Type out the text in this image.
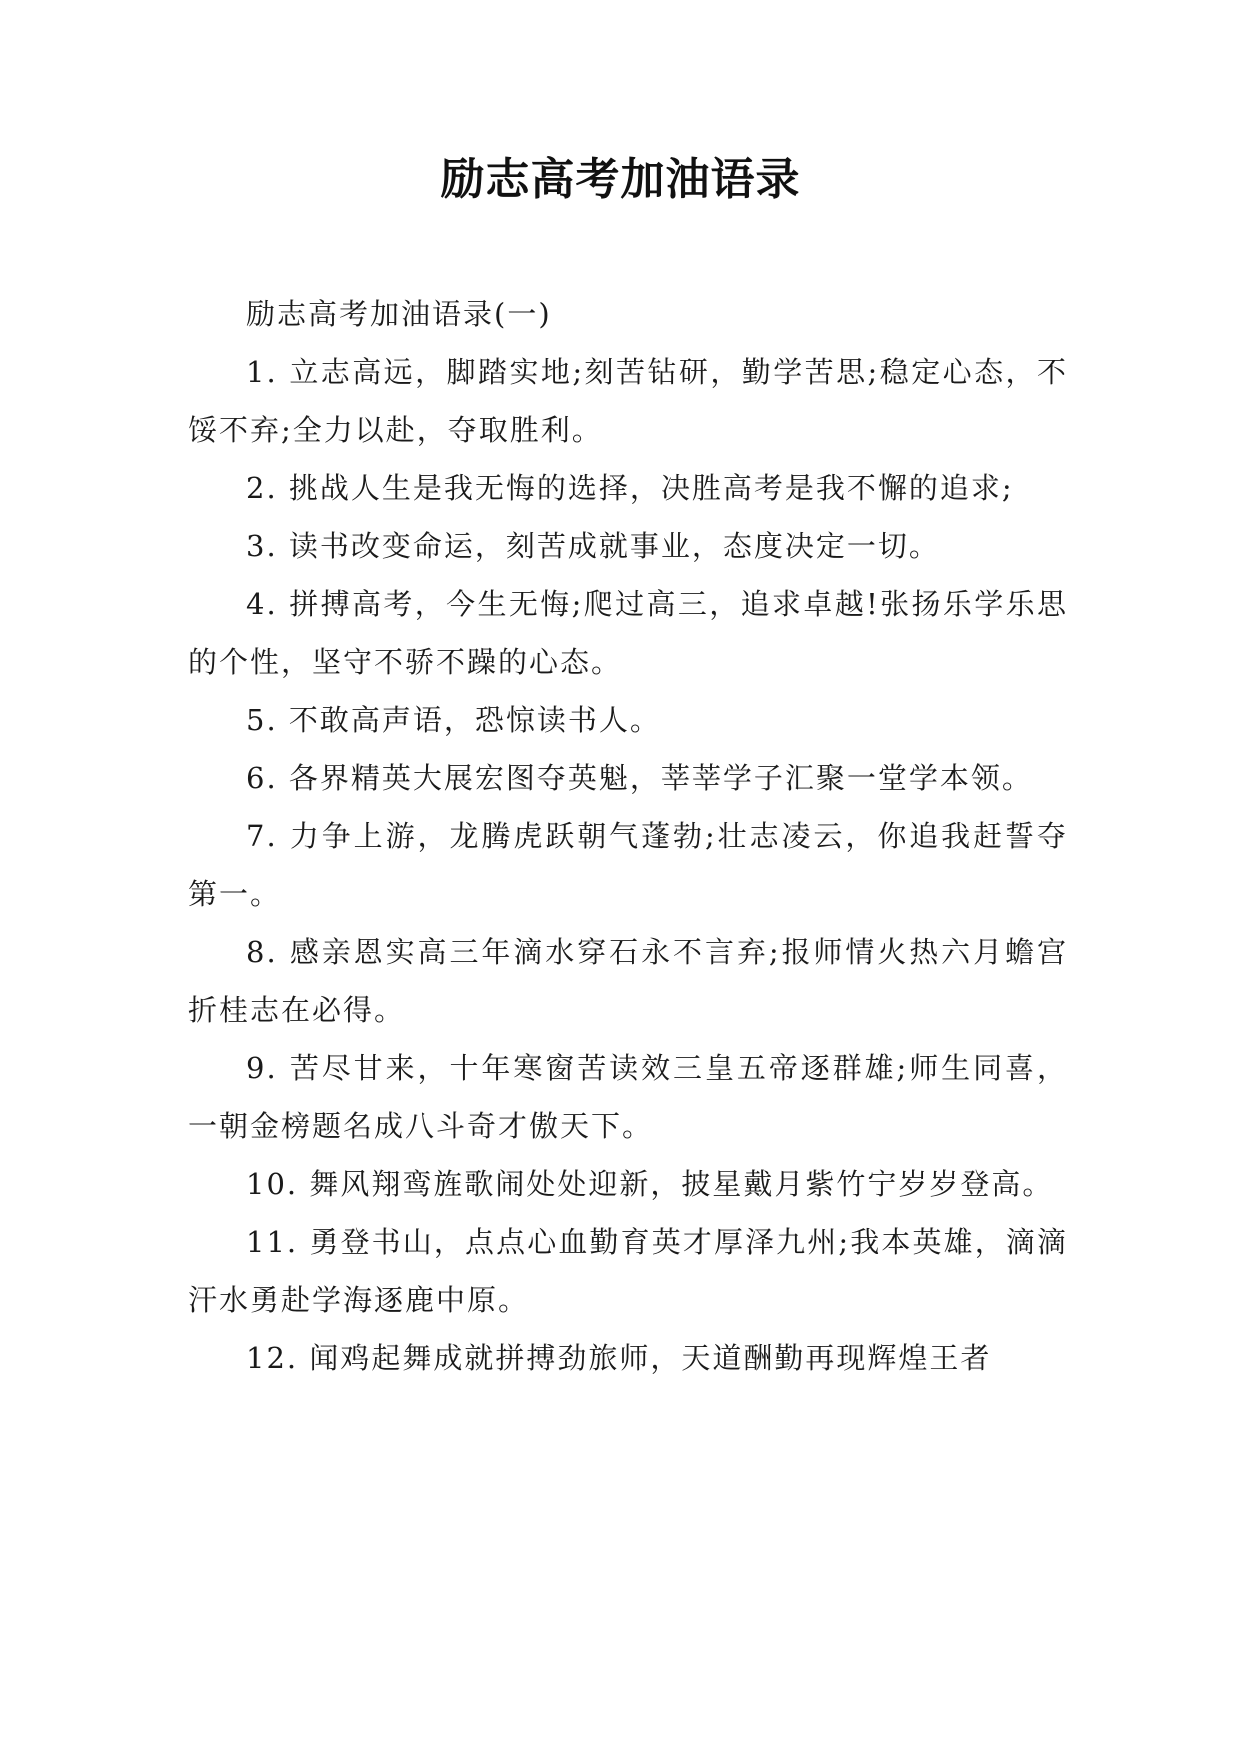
励志高考加油语录

励志高考加油语录(一)

1. 立志高远，脚踏实地;刻苦钻研，勤学苦思;稳定心态，不馁不弃;全力以赴，夺取胜利。

2. 挑战人生是我无悔的选择，决胜高考是我不懈的追求;

3. 读书改变命运，刻苦成就事业，态度决定一切。

4. 拼搏高考，今生无悔;爬过高三，追求卓越!张扬乐学乐思的个性，坚守不骄不躁的心态。

5. 不敢高声语，恐惊读书人。

6. 各界精英大展宏图夺英魁，莘莘学子汇聚一堂学本领。

7. 力争上游，龙腾虎跃朝气蓬勃;壮志凌云，你追我赶誓夺第一。

8. 感亲恩实高三年滴水穿石永不言弃;报师情火热六月蟾宫折桂志在必得。

9. 苦尽甘来，十年寒窗苦读效三皇五帝逐群雄;师生同喜，一朝金榜题名成八斗奇才傲天下。

10. 舞风翔鸾旌歌闹处处迎新，披星戴月紫竹宁岁岁登高。

11. 勇登书山，点点心血勤育英才厚泽九州;我本英雄，滴滴汗水勇赴学海逐鹿中原。

12. 闻鸡起舞成就拼搏劲旅师，天道酬勤再现辉煌王者
